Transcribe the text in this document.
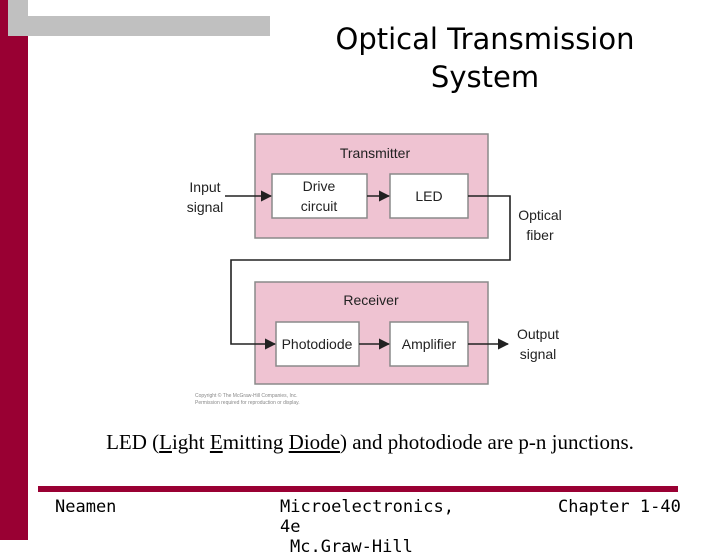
Optical Transmission
System
Transmitter
Drive
circuit
LED
Receiver
Photodiode	Amplifier
Input
signal	Optical
fiber
Output
signal
Copyright © The McGraw-Hill Companies, Inc.
Permission required for reproduction or display.
LED (Light Emitting Diode) and photodiode are p-n junctions.
Neamen	Microelectronics, 4e
Mc.Graw-Hill
Chapter 1-40
